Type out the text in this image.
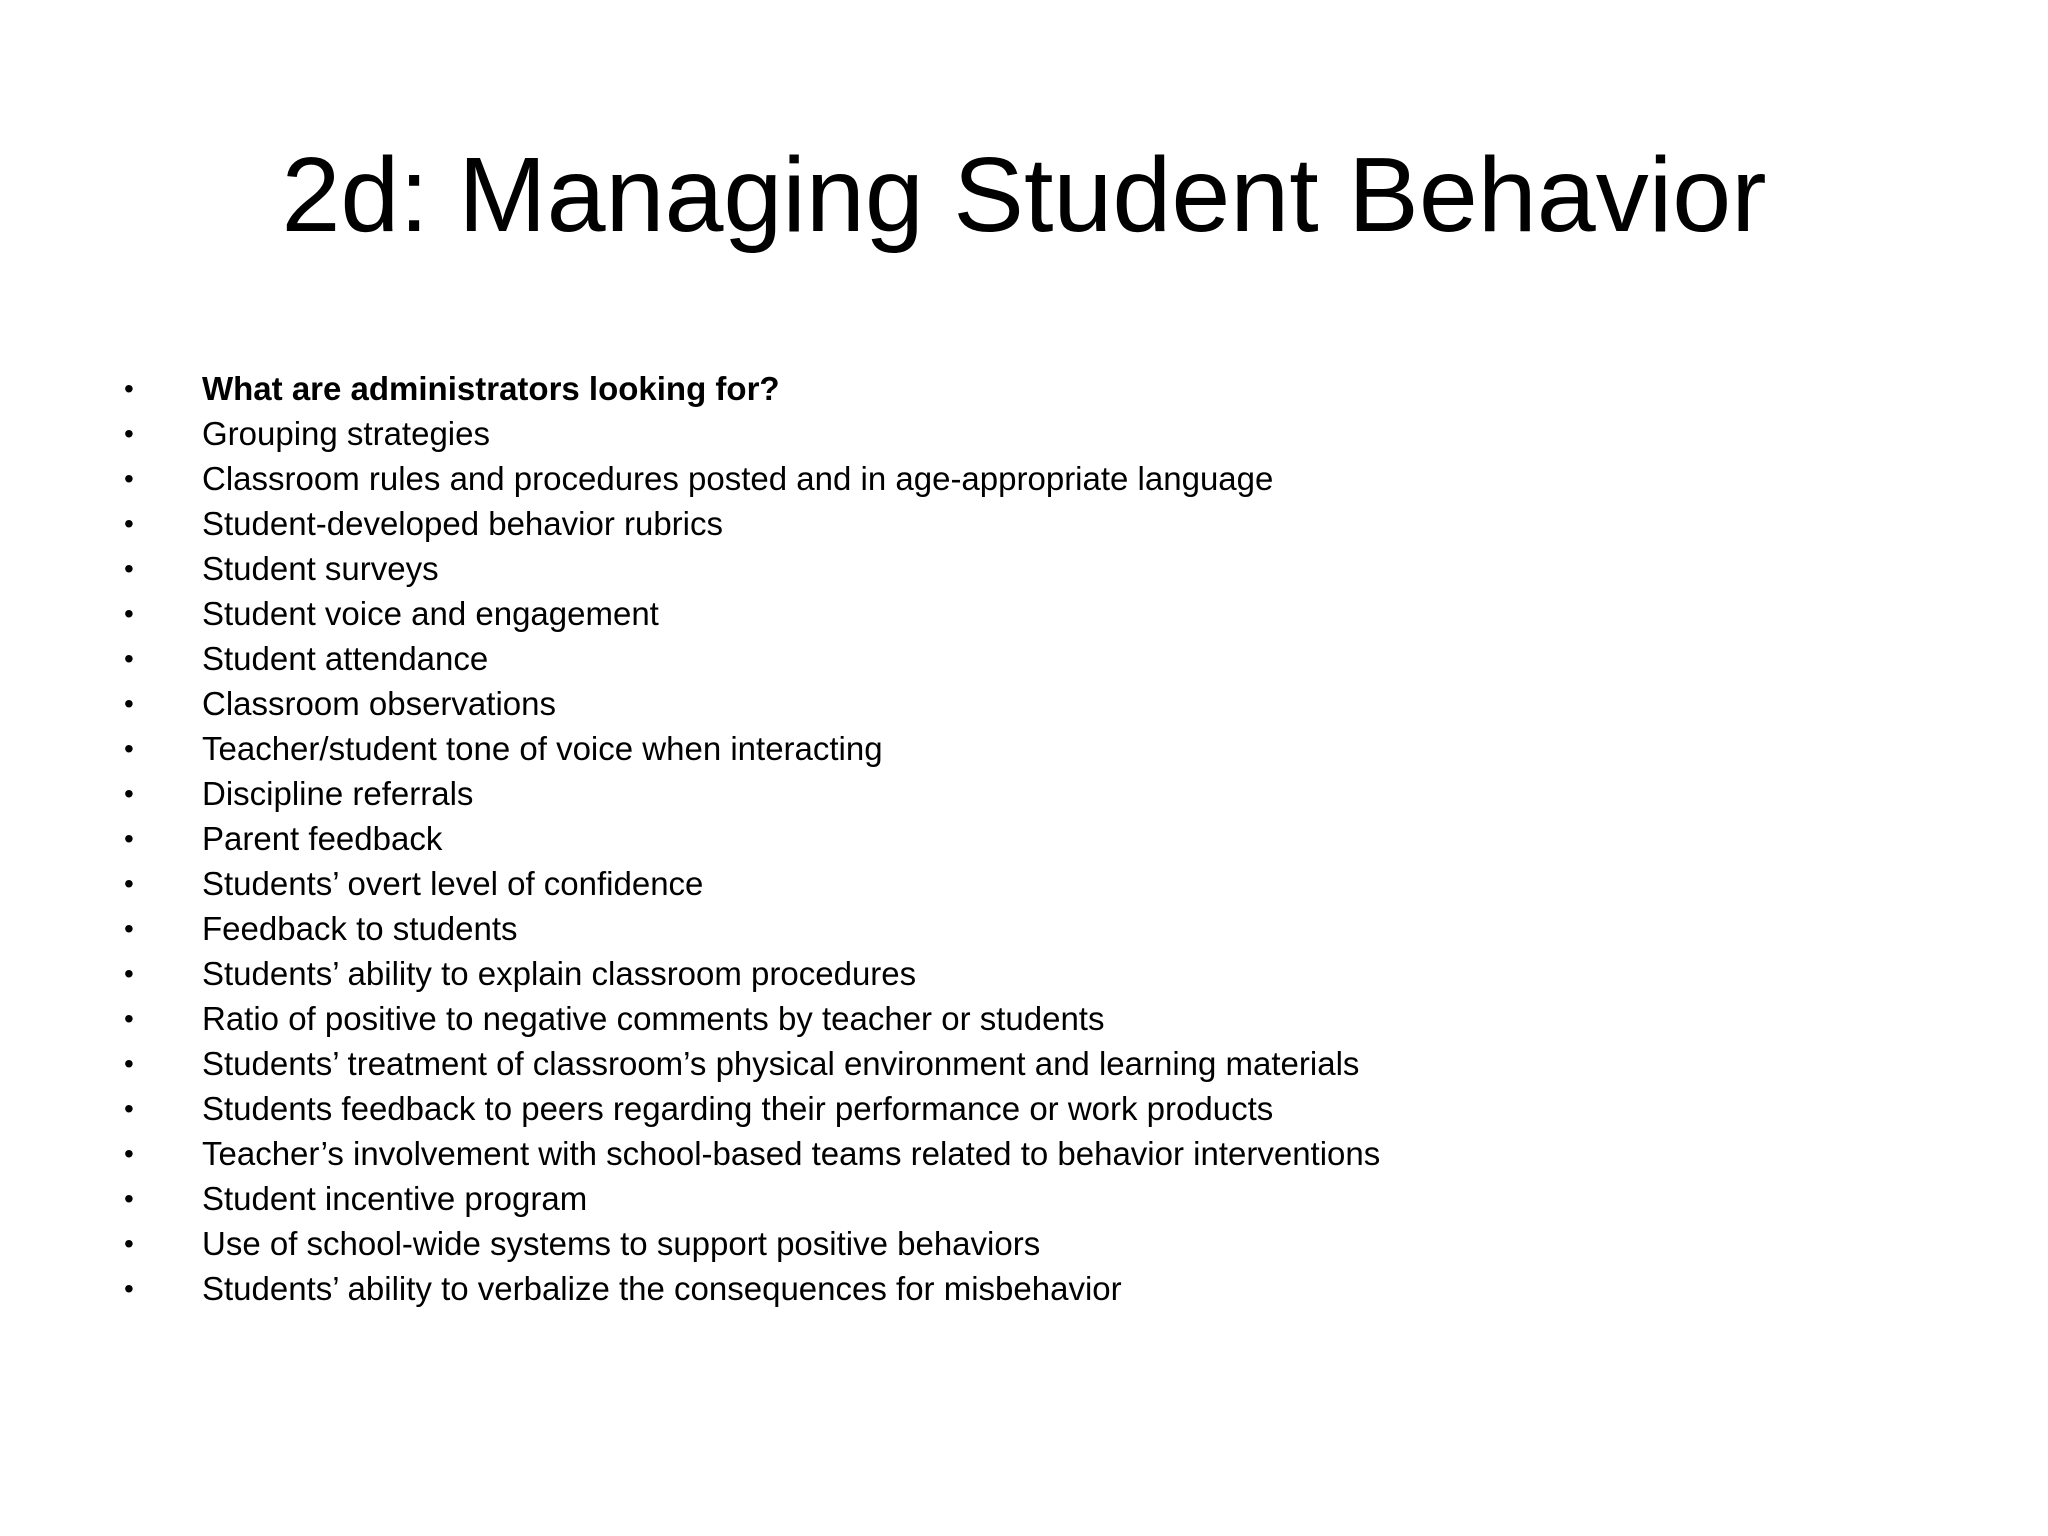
2d: Managing Student Behavior
•	What are administrators looking for?
•	Grouping strategies
•	Classroom rules and procedures posted and in age-appropriate language
•	Student-developed behavior rubrics
•	Student surveys
•	Student voice and engagement
•	Student attendance
•	Classroom observations
•	Teacher/student tone of voice when interacting
•	Discipline referrals
•	Parent feedback
•	Students’ overt level of confidence
•	Feedback to students
•	Students’ ability to explain classroom procedures
•	Ratio of positive to negative comments by teacher or students
•	Students’ treatment of classroom’s physical environment and learning materials
•	Students feedback to peers regarding their performance or work products
•	Teacher’s involvement with school-based teams related to behavior interventions
•	Student incentive program
•	Use of school-wide systems to support positive behaviors
•	Students’ ability to verbalize the consequences for misbehavior
